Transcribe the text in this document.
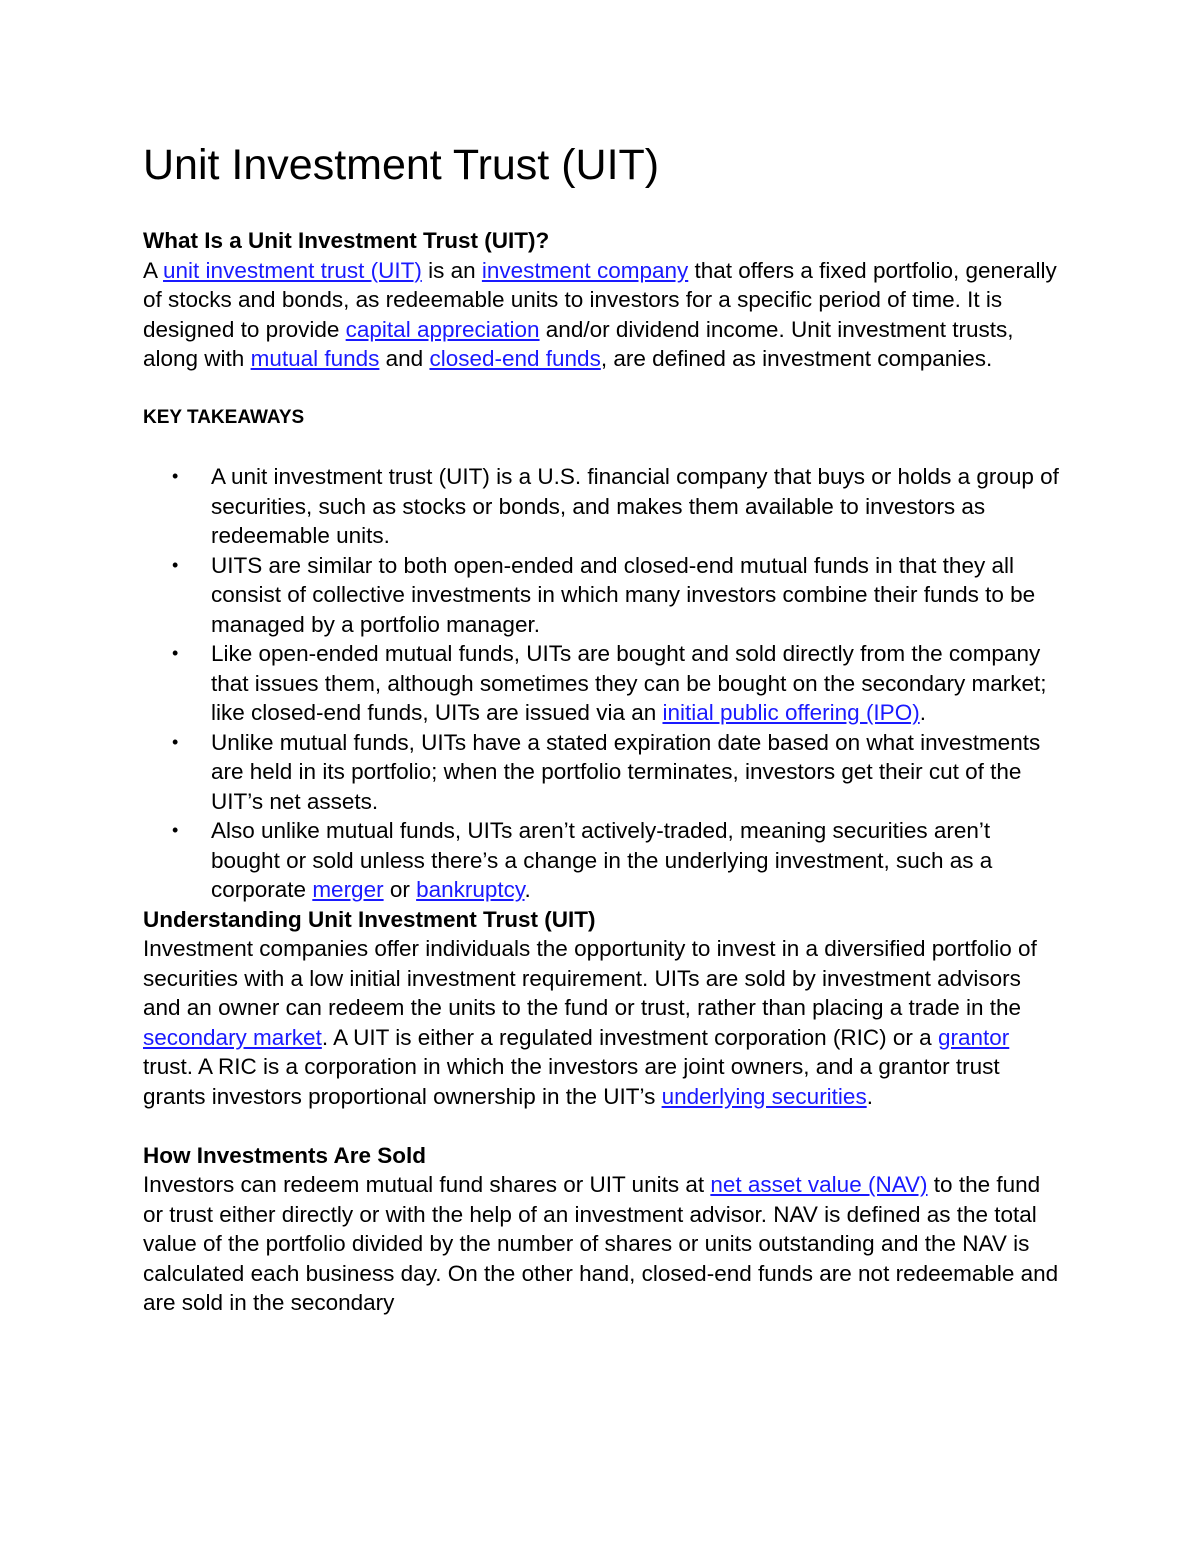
Unit Investment Trust (UIT)
What Is a Unit Investment Trust (UIT)?

A unit investment trust (UIT) is an investment company that offers a fixed portfolio, generally of stocks and bonds, as redeemable units to investors for a specific period of time. It is designed to provide capital appreciation and/or dividend income. Unit investment trusts, along with mutual funds and closed-end funds, are defined as investment companies.

KEY TAKEAWAYS
• A unit investment trust (UIT) is a U.S. financial company that buys or holds a group of securities, such as stocks or bonds, and makes them available to investors as redeemable units.
• UITS are similar to both open-ended and closed-end mutual funds in that they all consist of collective investments in which many investors combine their funds to be managed by a portfolio manager.
• Like open-ended mutual funds, UITs are bought and sold directly from the company that issues them, although sometimes they can be bought on the secondary market; like closed-end funds, UITs are issued via an initial public offering (IPO).
• Unlike mutual funds, UITs have a stated expiration date based on what investments are held in its portfolio; when the portfolio terminates, investors get their cut of the UIT’s net assets.
• Also unlike mutual funds, UITs aren’t actively-traded, meaning securities aren’t bought or sold unless there’s a change in the underlying investment, such as a corporate merger or bankruptcy.
Understanding Unit Investment Trust (UIT)

Investment companies offer individuals the opportunity to invest in a diversified portfolio of securities with a low initial investment requirement. UITs are sold by investment advisors and an owner can redeem the units to the fund or trust, rather than placing a trade in the secondary market. A UIT is either a regulated investment corporation (RIC) or a grantor trust. A RIC is a corporation in which the investors are joint owners, and a grantor trust grants investors proportional ownership in the UIT’s underlying securities.

How Investments Are Sold

Investors can redeem mutual fund shares or UIT units at net asset value (NAV) to the fund or trust either directly or with the help of an investment advisor. NAV is defined as the total value of the portfolio divided by the number of shares or units outstanding and the NAV is calculated each business day. On the other hand, closed-end funds are not redeemable and are sold in the secondary
